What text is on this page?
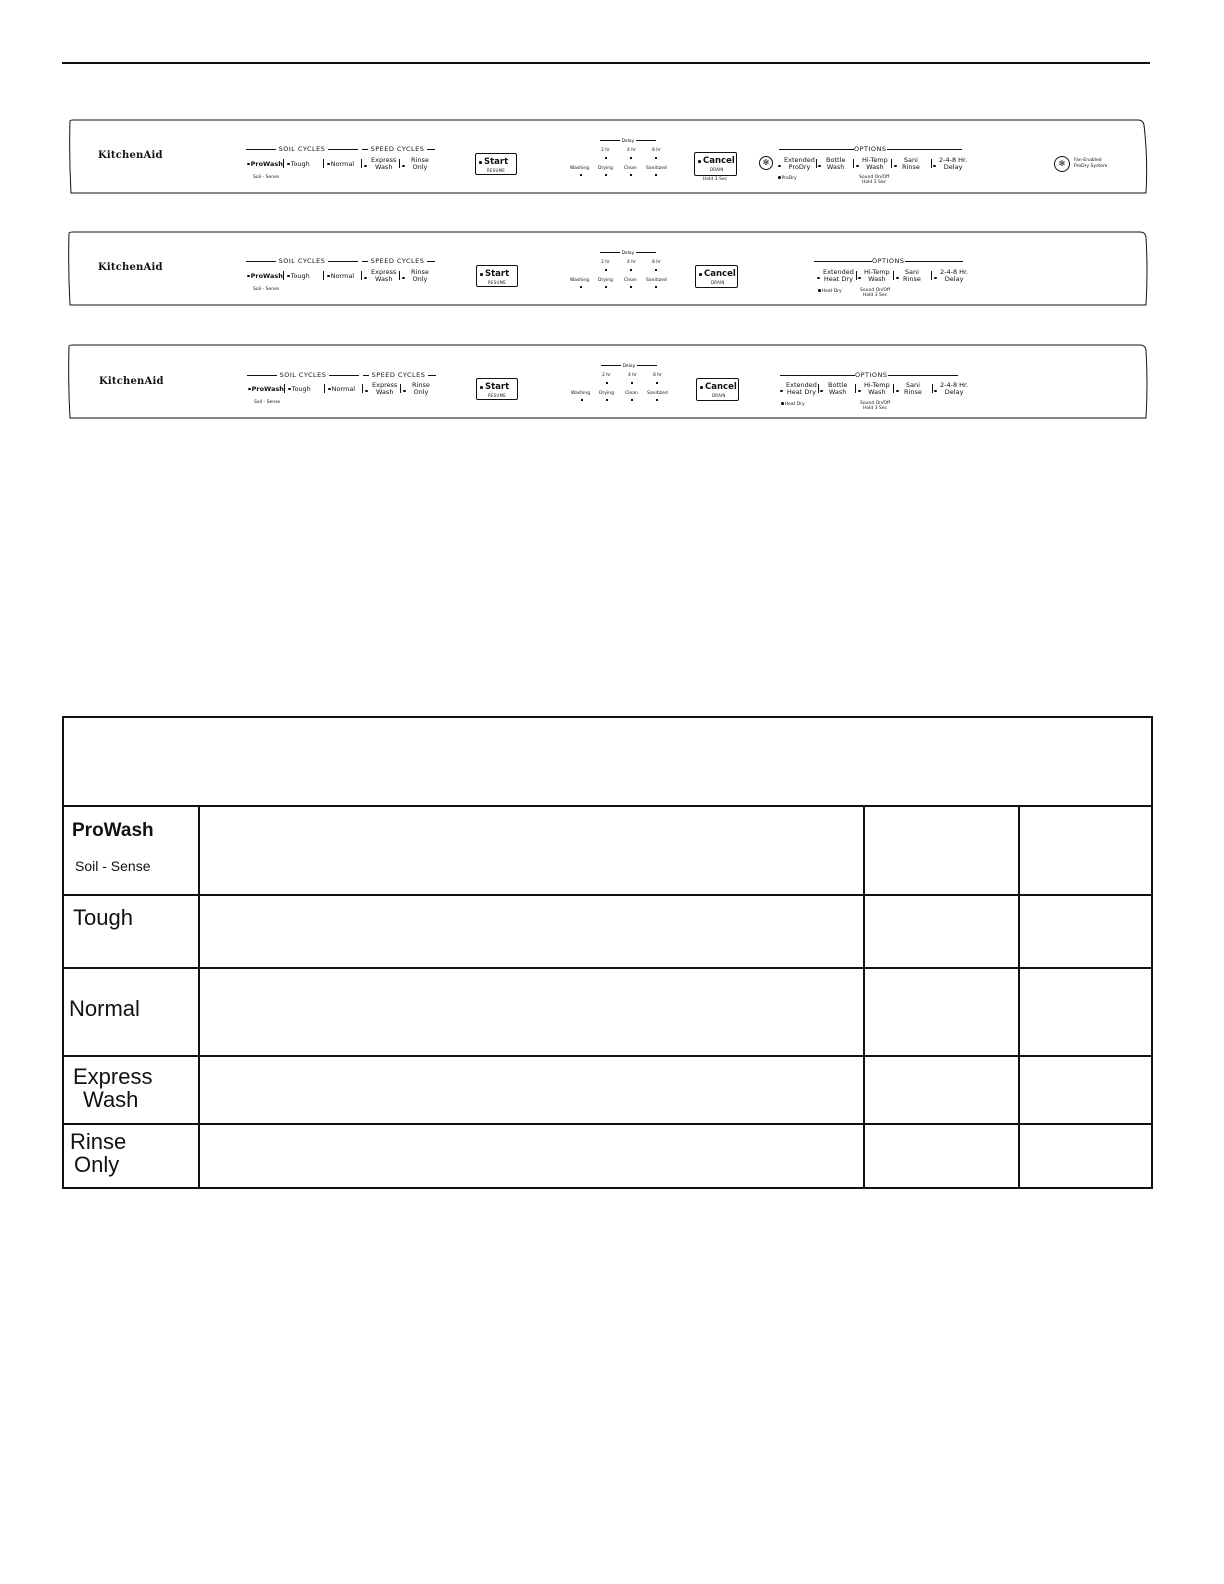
KitchenAid
SOIL CYCLES	SPEED CYCLES
ProWash
Soil - Sense
Tough	Normal	Express
Wash
Rinse
Only	Start
RESUME
Delay
2 hr	4 hr	8 hr
Washing Drying Clean Sanitized
Cancel
DRAIN
Hold 3 Sec
✻
OPTIONS
Extended
ProDry
ProDry
Bottle
Wash
Hi-Temp
Wash
Sound On/Off
Hold 3 Sec
Sani
Rinse
2-4-8 Hr.
Delay	✻	Fan-Enabled
ProDry System
KitchenAid
SOIL CYCLES	SPEED CYCLES
ProWash
Soil - Sense
Tough	Normal	Express
Wash
Rinse
Only	Start
RESUME
Delay
2 hr	4 hr	8 hr
Washing Drying Clean Sanitized
Cancel
DRAIN
OPTIONS
Extended
Heat Dry
Heat Dry
Hi-Temp
Wash
Sound On/Off
Hold 3 Sec
Sani
Rinse
2-4-8 Hr.
Delay
KitchenAid
SOIL CYCLES	SPEED CYCLES
ProWash
Soil - Sense
Tough	Normal	Express
Wash
Rinse
Only	Start
RESUME
Delay
2 hr	4 hr	8 hr
Washing Drying Clean Sanitized
Cancel
DRAIN
OPTIONS
Extended
Heat Dry
Heat Dry
Bottle
Wash
Hi-Temp
Wash
Sound On/Off
Hold 3 Sec
Sani
Rinse
2-4-8 Hr.
Delay

ProWash
Soil - Sense			

Tough			

Normal			

Express
Wash			

Rinse
Only			
